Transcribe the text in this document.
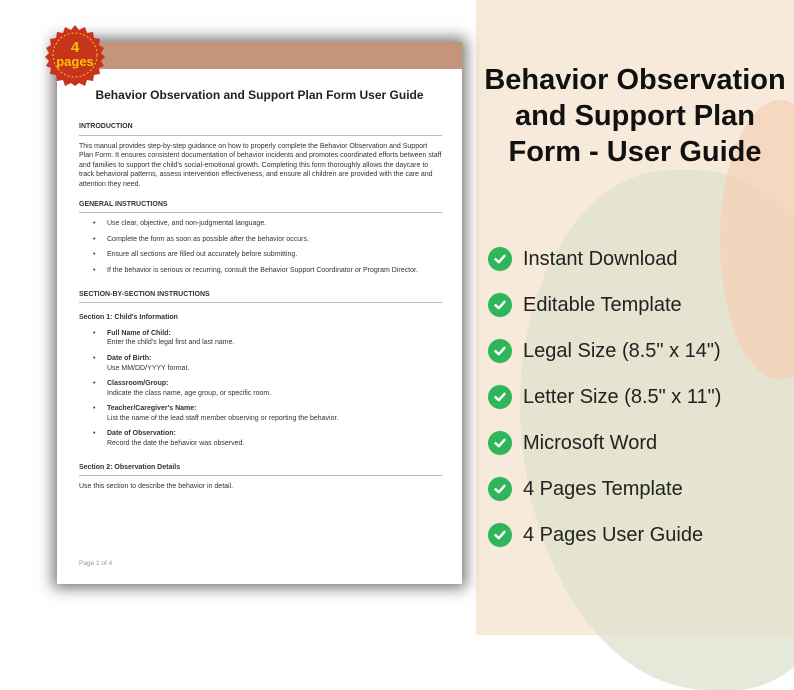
Behavior Observation and Support Plan Form User Guide
INTRODUCTION
This manual provides step-by-step guidance on how to properly complete the Behavior Observation and Support Plan Form. It ensures consistent documentation of behavior incidents and promotes coordinated efforts between staff and families to support the child's social-emotional growth. Completing this form thoroughly allows the daycare to track behavioral patterns, assess intervention effectiveness, and ensure all children are provided with the care and attention they need.
GENERAL INSTRUCTIONS
• Use clear, objective, and non-judgmental language.
• Complete the form as soon as possible after the behavior occurs.
• Ensure all sections are filled out accurately before submitting.
• If the behavior is serious or recurring, consult the Behavior Support Coordinator or Program Director.
SECTION-BY-SECTION INSTRUCTIONS
Section 1: Child's Information
• Full Name of Child:
Enter the child's legal first and last name.
• Date of Birth:
Use MM/DD/YYYY format.
• Classroom/Group:
Indicate the class name, age group, or specific room.
• Teacher/Caregiver's Name:
List the name of the lead staff member observing or reporting the behavior.
• Date of Observation:
Record the date the behavior was observed.
Section 2: Observation Details
Use this section to describe the behavior in detail.
Page 1 of 4
4
pages
Behavior Observation and Support Plan Form - User Guide
Instant Download
Editable Template
Legal Size (8.5" x 14")
Letter Size (8.5" x 11")
Microsoft Word
4 Pages Template
4 Pages User Guide
